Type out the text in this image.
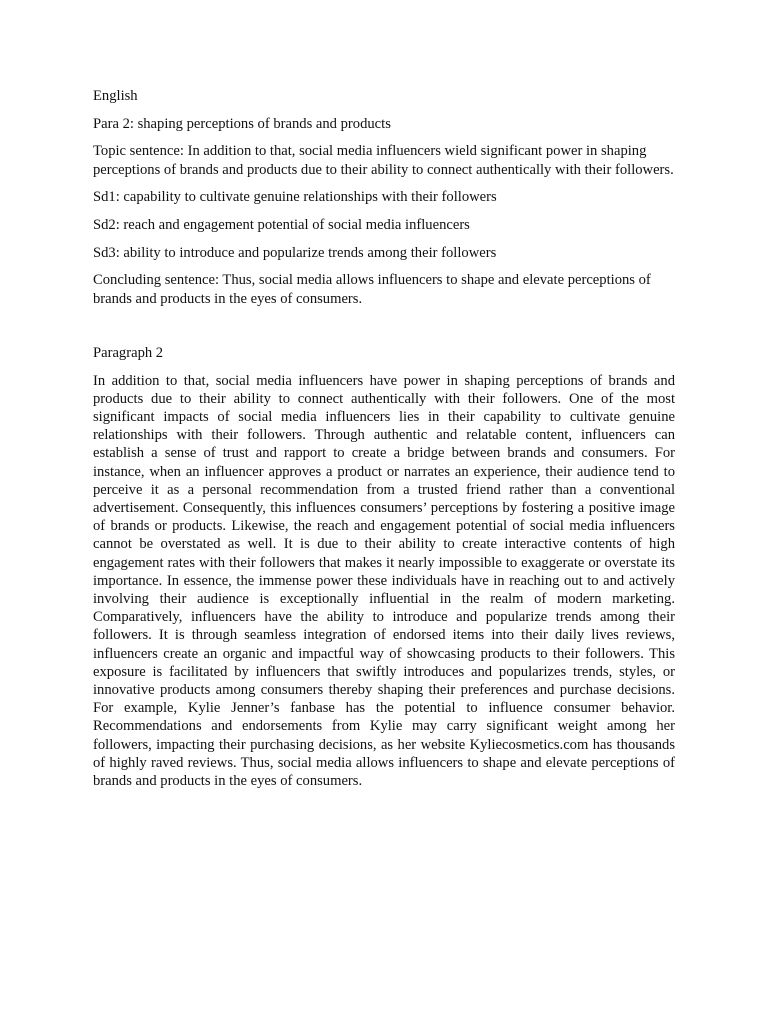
English

Para 2: shaping perceptions of brands and products

Topic sentence: In addition to that, social media influencers wield significant power in shaping perceptions of brands and products due to their ability to connect authentically with their followers.

Sd1: capability to cultivate genuine relationships with their followers

Sd2: reach and engagement potential of social media influencers

Sd3: ability to introduce and popularize trends among their followers

Concluding sentence: Thus, social media allows influencers to shape and elevate perceptions of brands and products in the eyes of consumers.

Paragraph 2

In addition to that, social media influencers have power in shaping perceptions of brands and products due to their ability to connect authentically with their followers. One of the most significant impacts of social media influencers lies in their capability to cultivate genuine relationships with their followers. Through authentic and relatable content, influencers can establish a sense of trust and rapport to create a bridge between brands and consumers. For instance, when an influencer approves a product or narrates an experience, their audience tend to perceive it as a personal recommendation from a trusted friend rather than a conventional advertisement. Consequently, this influences consumers’ perceptions by fostering a positive image of brands or products. Likewise, the reach and engagement potential of social media influencers cannot be overstated as well. It is due to their ability to create interactive contents of high engagement rates with their followers that makes it nearly impossible to exaggerate or overstate its importance. In essence, the immense power these individuals have in reaching out to and actively involving their audience is exceptionally influential in the realm of modern marketing. Comparatively, influencers have the ability to introduce and popularize trends among their followers. It is through seamless integration of endorsed items into their daily lives reviews, influencers create an organic and impactful way of showcasing products to their followers. This exposure is facilitated by influencers that swiftly introduces and popularizes trends, styles, or innovative products among consumers thereby shaping their preferences and purchase decisions. For example, Kylie Jenner’s fanbase has the potential to influence consumer behavior. Recommendations and endorsements from Kylie may carry significant weight among her followers, impacting their purchasing decisions, as her website Kyliecosmetics.com has thousands of highly raved reviews. Thus, social media allows influencers to shape and elevate perceptions of brands and products in the eyes of consumers.
